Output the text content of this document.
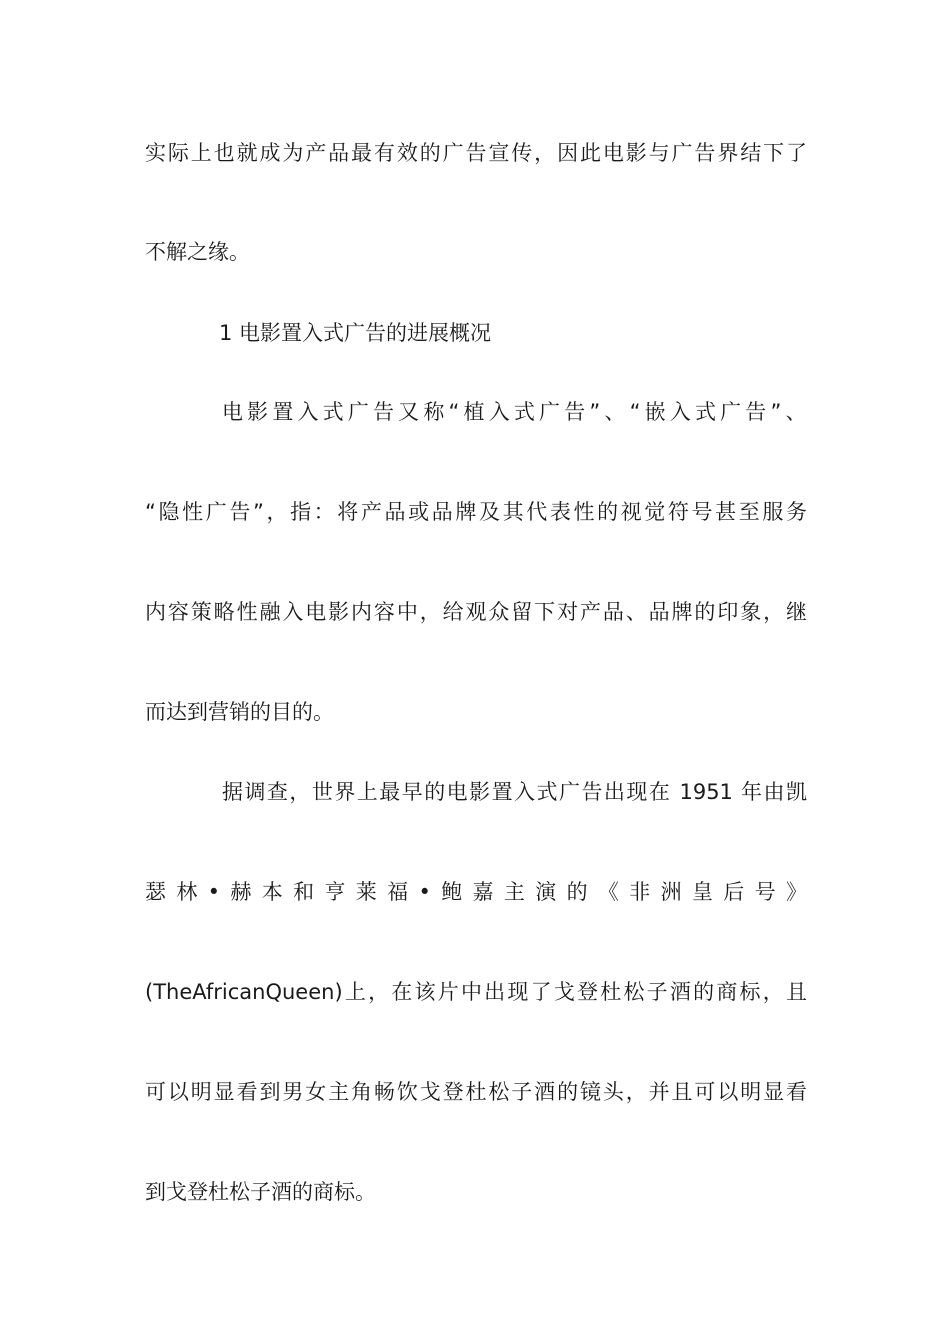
实际上也就成为产品最有效的广告宣传，因此电影与广告界结下了
不解之缘。
1 电影置入式广告的进展概况
电影置入式广告又称“植入式广告”、“嵌入式广告”、
“隐性广告”，指：将产品或品牌及其代表性的视觉符号甚至服务
内容策略性融入电影内容中，给观众留下对产品、品牌的印象，继
而达到营销的目的。
据调查，世界上最早的电影置入式广告出现在 1951 年由凯
瑟林•赫本和亨莱福•鲍嘉主演的《非洲皇后号》
(TheAfricanQueen)上，在该片中出现了戈登杜松子酒的商标，且
可以明显看到男女主角畅饮戈登杜松子酒的镜头，并且可以明显看
到戈登杜松子酒的商标。
